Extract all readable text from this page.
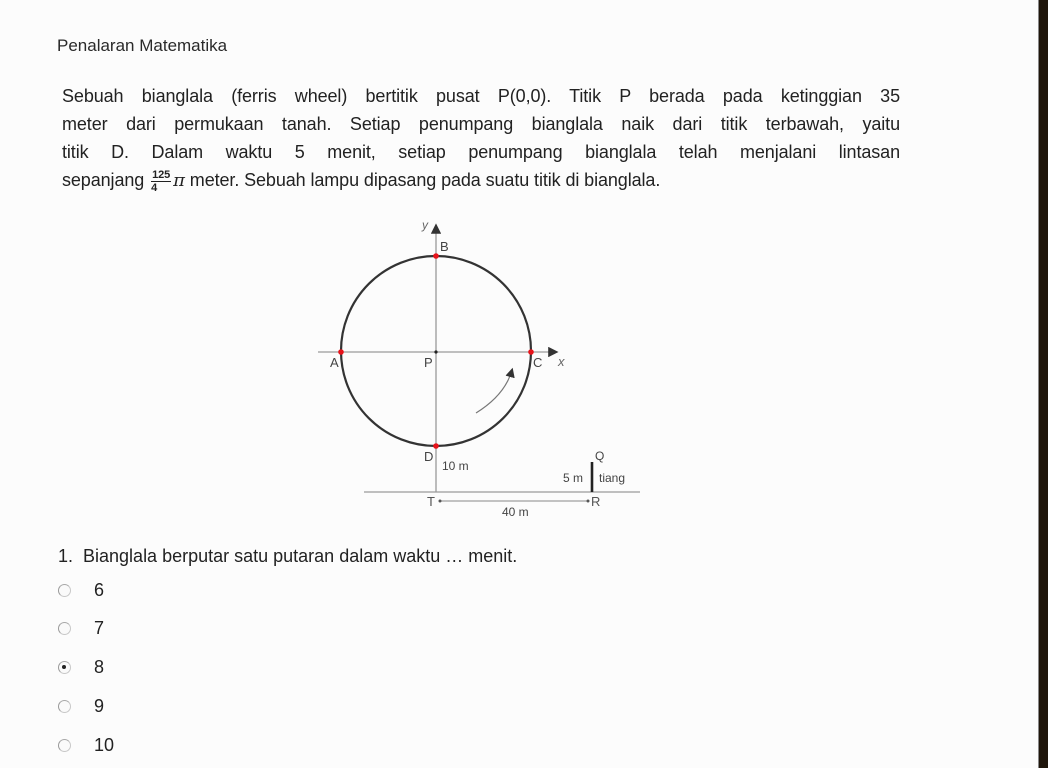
Penalaran Matematika
Sebuah bianglala (ferris wheel) bertitik pusat P(0,0). Titik P berada pada ketinggian 35
meter dari permukaan tanah. Setiap penumpang bianglala naik dari titik terbawah, yaitu
titik D. Dalam waktu 5 menit, setiap penumpang bianglala telah menjalani lintasan
sepanjang $\frac{125}{4}$ π meter. Sebuah lampu dipasang pada suatu titik di bianglala.
y
x
B
A	P	C
D
10 m
T
40 m
Q
5 m tiang
R
1. Bianglala berputar satu putaran dalam waktu … menit.
6
7
8
9
10
